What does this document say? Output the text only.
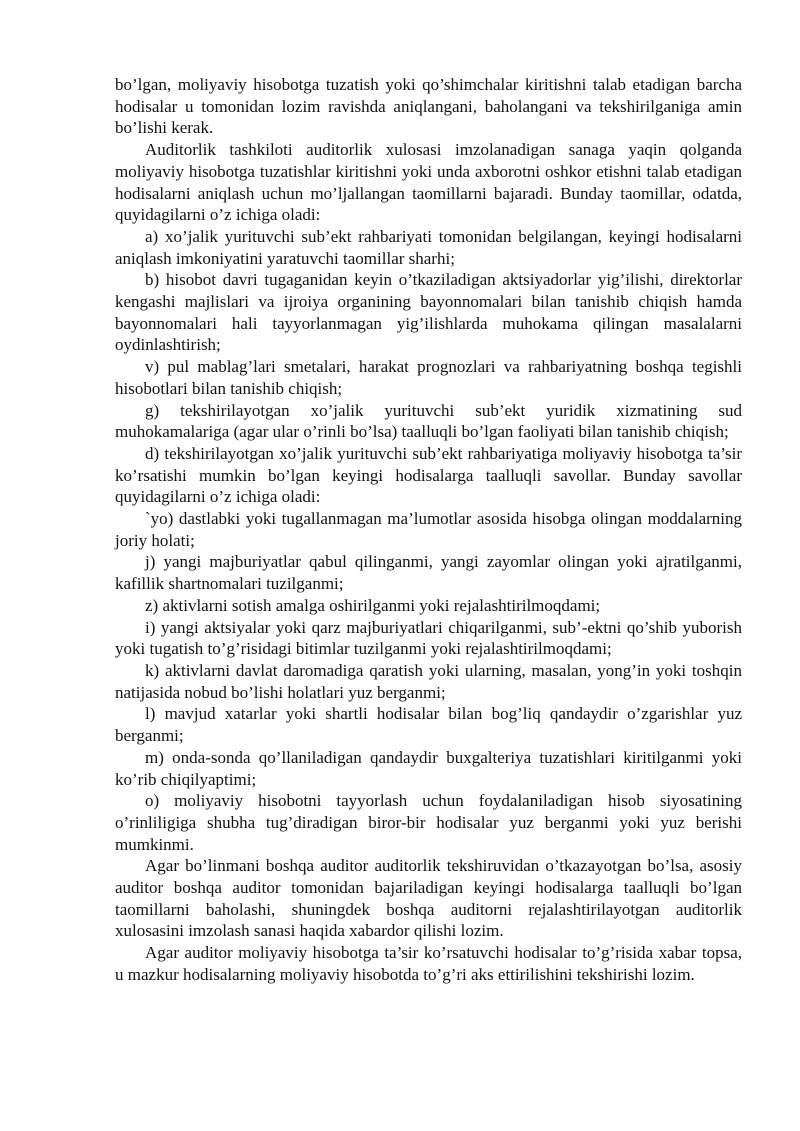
bo’lgan, moliyaviy hisobotga tuzatish yoki qo’shimchalar kiritishni talab etadigan barcha hodisalar u tomonidan lozim ravishda aniqlangani, baholangani va tekshirilganiga amin bo’lishi kerak.

Auditorlik tashkiloti auditorlik xulosasi imzolanadigan sanaga yaqin qolganda moliyaviy hisobotga tuzatishlar kiritishni yoki unda axborotni oshkor etishni talab etadigan hodisalarni aniqlash uchun mo’ljallangan taomillarni bajaradi. Bunday taomillar, odatda, quyidagilarni o’z ichiga oladi:

a) xo’jalik yurituvchi sub’ekt rahbariyati tomonidan belgilangan, keyingi hodisalarni aniqlash imkoniyatini yaratuvchi taomillar sharhi;

b) hisobot davri tugaganidan keyin o’tkaziladigan aktsiyadorlar yig’ilishi, direktorlar kengashi majlislari va ijroiya organining bayonnomalari bilan tanishib chiqish hamda bayonnomalari hali tayyorlanmagan yig’ilishlarda muhokama qilingan masalalarni oydinlashtirish;

v) pul mablag’lari smetalari, harakat prognozlari va rahbariyatning boshqa tegishli hisobotlari bilan tanishib chiqish;

g) tekshirilayotgan xo’jalik yurituvchi sub’ekt yuridik xizmatining sud muhokamalariga (agar ular o’rinli bo’lsa) taalluqli bo’lgan faoliyati bilan tanishib chiqish;

d) tekshirilayotgan xo’jalik yurituvchi sub’ekt rahbariyatiga moliyaviy hisobotga ta’sir ko’rsatishi mumkin bo’lgan keyingi hodisalarga taalluqli savollar. Bunday savollar quyidagilarni o’z ichiga oladi:

`yo) dastlabki yoki tugallanmagan ma’lumotlar asosida hisobga olingan moddalarning joriy holati;

j) yangi majburiyatlar qabul qilinganmi, yangi zayomlar olingan yoki ajratilganmi, kafillik shartnomalari tuzilganmi;

z) aktivlarni sotish amalga oshirilganmi yoki rejalashtirilmoqdami;

i) yangi aktsiyalar yoki qarz majburiyatlari chiqarilganmi, sub’-ektni qo’shib yuborish yoki tugatish to’g’risidagi bitimlar tuzilganmi yoki rejalashtirilmoqdami;

k) aktivlarni davlat daromadiga qaratish yoki ularning, masalan, yong’in yoki toshqin natijasida nobud bo’lishi holatlari yuz berganmi;

l) mavjud xatarlar yoki shartli hodisalar bilan bog’liq qandaydir o’zgarishlar yuz berganmi;

m) onda-sonda qo’llaniladigan qandaydir buxgalteriya tuzatishlari kiritilganmi yoki ko’rib chiqilyaptimi;

o) moliyaviy hisobotni tayyorlash uchun foydalaniladigan hisob siyosatining o’rinliligiga shubha tug’diradigan biror-bir hodisalar yuz berganmi yoki yuz berishi mumkinmi.

Agar bo’linmani boshqa auditor auditorlik tekshiruvidan o’tkazayotgan bo’lsa, asosiy auditor boshqa auditor tomonidan bajariladigan keyingi hodisalarga taalluqli bo’lgan taomillarni baholashi, shuningdek boshqa auditorni rejalashtirilayotgan auditorlik xulosasini imzolash sanasi haqida xabardor qilishi lozim.

Agar auditor moliyaviy hisobotga ta’sir ko’rsatuvchi hodisalar to’g’risida xabar topsa, u mazkur hodisalarning moliyaviy hisobotda to’g’ri aks ettirilishini tekshirishi lozim.
